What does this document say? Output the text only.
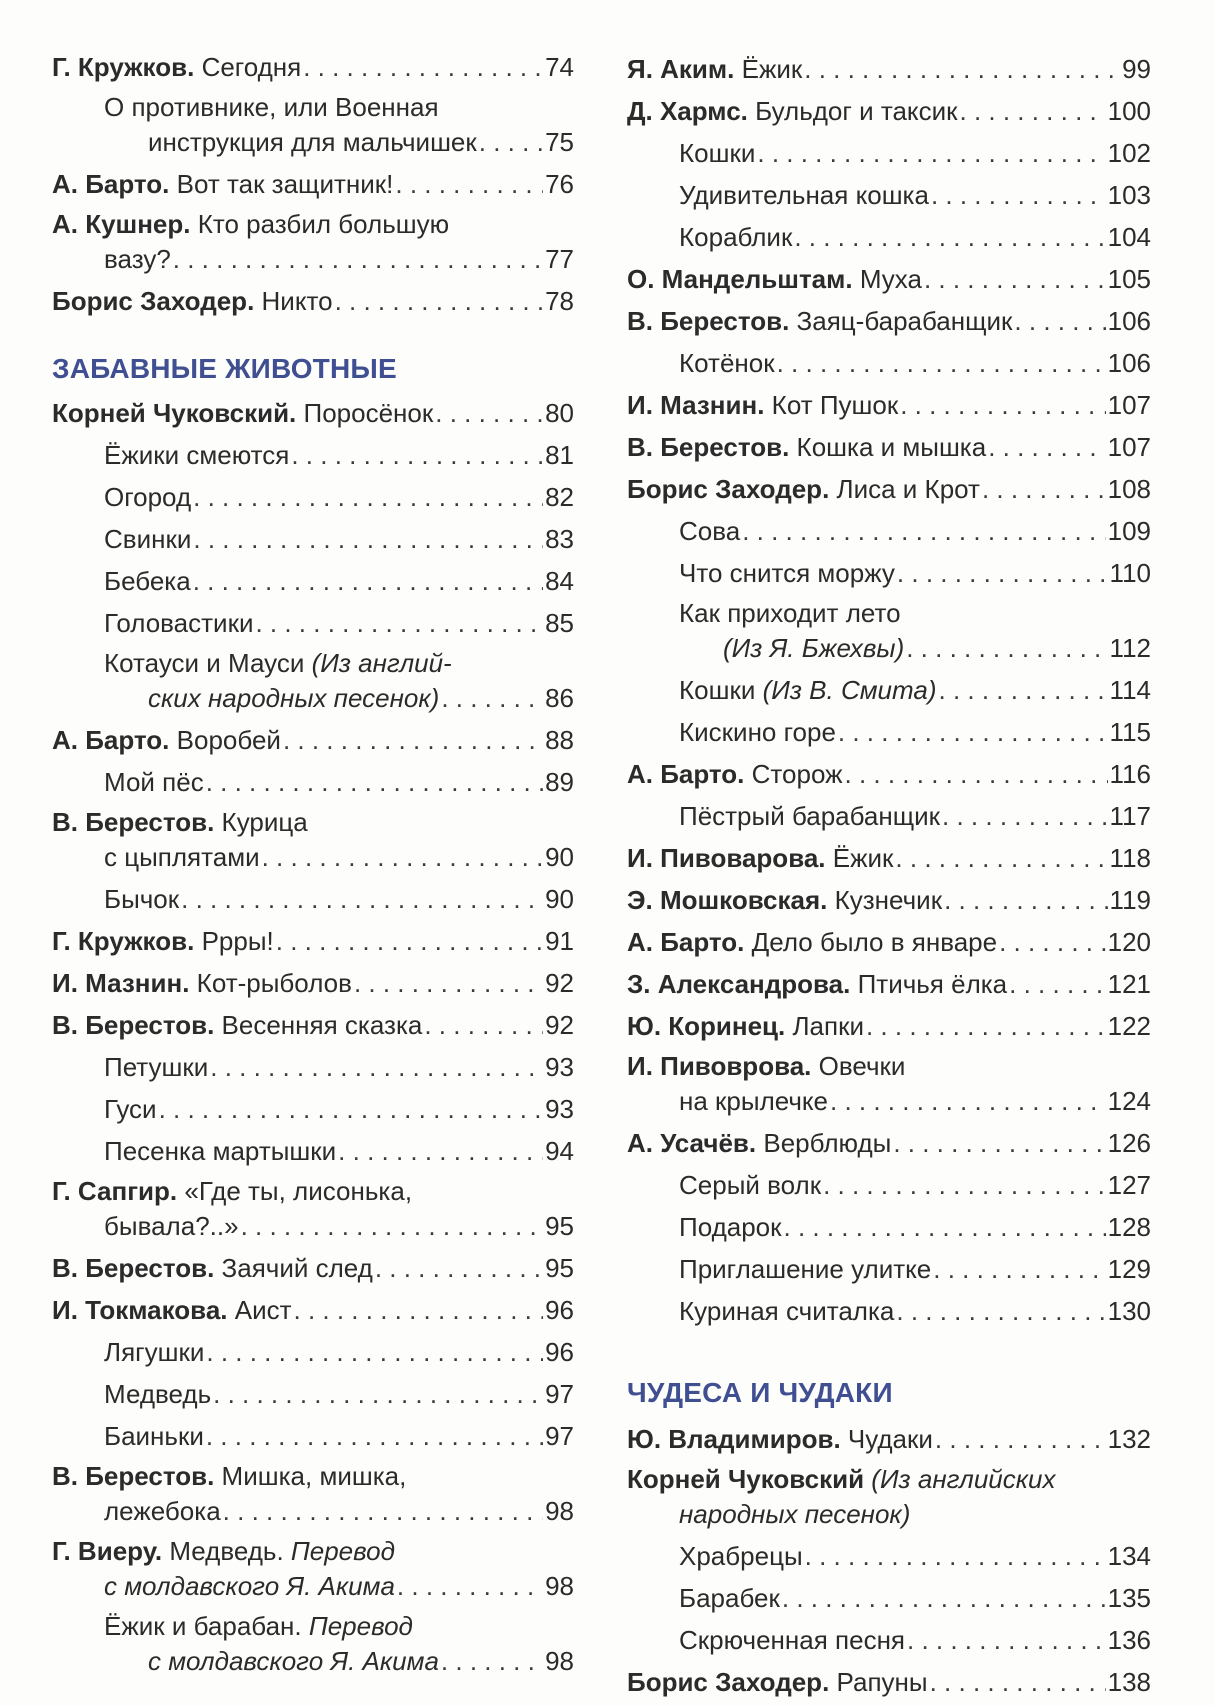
Г. Кружков. Сегодня . . .	74
О противнике, или Военная
инструкция для мальчишек . . .	75
А. Барто. Вот так защитник! . . .	76
А. Кушнер. Кто разбил большую
вазу? . . .	77
Борис Заходер. Никто . . .	78
ЗАБАВНЫЕ ЖИВОТНЫЕ
Корней Чуковский. Поросёнок . . .	80
Ёжики смеются . . .	81
Огород . . .	82
Свинки . . .	83
Бебека . . .	84
Головастики . . .	85
Котауси и Мауси (Из англий-
ских народных песенок) . . .	86
А. Барто. Воробей . . .	88
Мой пёс . . .	89
В. Берестов. Курица
с цыплятами . . .	90
Бычок . . .	90
Г. Кружков. Ррры! . . .	91
И. Мазнин. Кот-рыболов . . .	92
В. Берестов. Весенняя сказка . . .	92
Петушки . . .	93
Гуси . . .	93
Песенка мартышки . . .	94
Г. Сапгир. «Где ты, лисонька,
бывала?..» . . .	95
В. Берестов. Заячий след . . .	95
И. Токмакова. Аист . . .	96
Лягушки . . .	96
Медведь . . .	97
Баиньки . . .	97
В. Берестов. Мишка, мишка,
лежебока . . .	98
Г. Виеру. Медведь. Перевод
с молдавского Я. Акима . . .	98
Ёжик и барабан. Перевод
с молдавского Я. Акима . . .	98
Я. Аким. Ёжик . . .	99
Д. Хармс. Бульдог и таксик . . .	100
Кошки . . .	102
Удивительная кошка . . .	103
Кораблик . . .	104
О. Мандельштам. Муха . . .	105
В. Берестов. Заяц-барабанщик . . .	106
Котёнок . . .	106
И. Мазнин. Кот Пушок . . .	107
В. Берестов. Кошка и мышка . . .	107
Борис Заходер. Лиса и Крот . . .	108
Сова . . .	109
Что снится моржу . . .	110
Как приходит лето
(Из Я. Бжехвы) . . .	112
Кошки (Из В. Смита) . . .	114
Кискино горе . . .	115
А. Барто. Сторож . . .	116
Пёстрый барабанщик . . .	117
И. Пивоварова. Ёжик . . .	118
Э. Мошковская. Кузнечик . . .	119
А. Барто. Дело было в январе . . .	120
З. Александрова. Птичья ёлка . . .	121
Ю. Коринец. Лапки . . .	122
И. Пивоврова. Овечки
на крылечке . . .	124
А. Усачёв. Верблюды . . .	126
Серый волк . . .	127
Подарок . . .	128
Приглашение улитке . . .	129
Куриная считалка . . .	130
ЧУДЕСА И ЧУДАКИ
Ю. Владимиров. Чудаки . . .	132
Корней Чуковский (Из английских
народных песенок)
Храбрецы . . .	134
Барабек . . .	135
Скрюченная песня . . .	136
Борис Заходер. Рапуны . . .	138
